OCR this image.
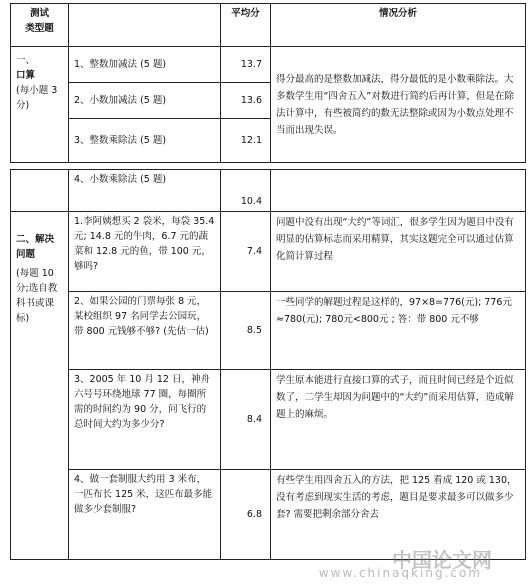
测试
类型题		平均分	情况分析

一、
口算
(每小题 3 分)	1、整数加减法 (5 题)	13.7	得分最高的是整数加减法，得分最低的是小数乘除法。大多数学生用“四舍五入”对数进行简约后再计算，但是在除法计算中，有些被简约的数无法整除或因为小数点处理不当而出现失误。
	2、小数加减法 (5 题)	13.6	
	3、整数乘除法 (5 题)	12.1	
	4、小数乘除法 (5 题)	10.4	

二、解决问题
(每题 10 分;选自教科书或课标)	1.李阿姨想买 2 袋米，每袋 35.4 元; 14.8 元的牛肉，6.7 元的蔬菜和 12.8 元的鱼，带 100 元，够吗?	7.4	问题中没有出现“大约”等词汇，很多学生因为题目中没有明显的估算标志而采用精算，其实这题完全可以通过估算化简计算过程
	2、如果公园的门票每张 8 元，某校组织 97 名同学去公园玩，带 800 元钱够不够? (先估一估)	8.5	一些同学的解题过程是这样的，97×8=776(元); 776元≈780(元); 780元<800元 ; 答：带 800 元不够
	3、2005 年 10 月 12 日，神舟六号号环绕地球 77 圈，每圈所需的时间约为 90 分，问飞行的总时间大约为多少分?	8.4	学生原本能进行直接口算的式子，而且时间已经是个近似数了，二学生却因为问题中的“大约”而采用估算，造成解题上的麻烦。
	4、做一套制服大约用 3 米布，一匹布长 125 米，这匹布最多能做多少套制服?	6.8	有些学生用四舍五入的方法，把 125 看成 120 或 130，没有考虑到现实生活的考虑，题目是要求最多可以做多少套? 需要把剩余部分舍去
中国论文网
www.chinaqking.com
